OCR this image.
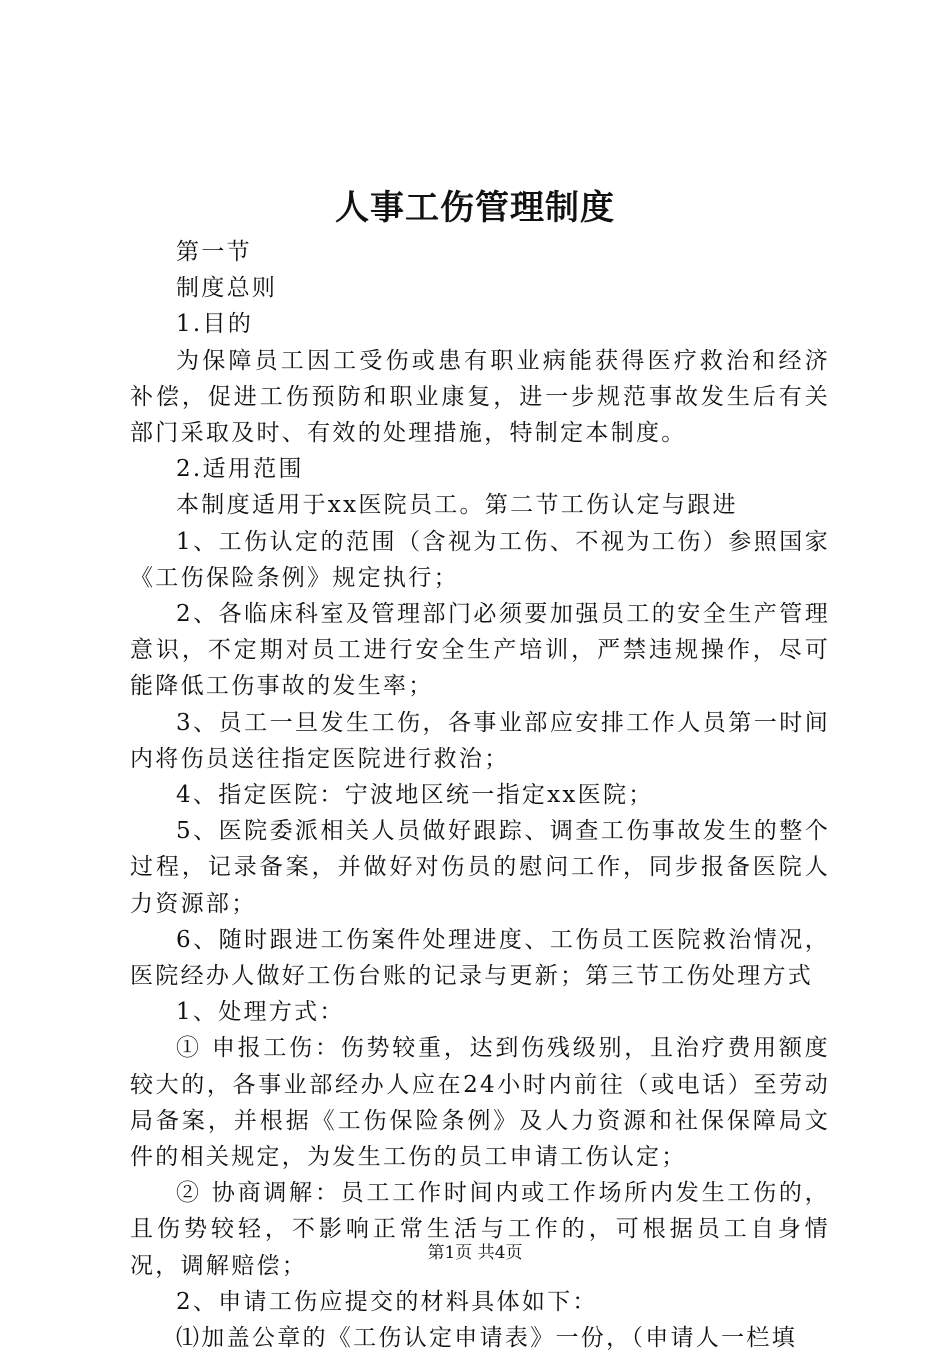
人事工伤管理制度

第一节

制度总则

1.目的

为保障员工因工受伤或患有职业病能获得医疗救治和经济补偿，促进工伤预防和职业康复，进一步规范事故发生后有关部门采取及时、有效的处理措施，特制定本制度。

2.适用范围

本制度适用于xx医院员工。第二节工伤认定与跟进

1、工伤认定的范围（含视为工伤、不视为工伤）参照国家《工伤保险条例》规定执行；

2、各临床科室及管理部门必须要加强员工的安全生产管理意识，不定期对员工进行安全生产培训，严禁违规操作，尽可能降低工伤事故的发生率；

3、员工一旦发生工伤，各事业部应安排工作人员第一时间内将伤员送往指定医院进行救治；

4、指定医院：宁波地区统一指定xx医院；

5、医院委派相关人员做好跟踪、调查工伤事故发生的整个过程，记录备案，并做好对伤员的慰问工作，同步报备医院人力资源部；

6、随时跟进工伤案件处理进度、工伤员工医院救治情况，医院经办人做好工伤台账的记录与更新；第三节工伤处理方式

1、处理方式：

① 申报工伤：伤势较重，达到伤残级别，且治疗费用额度较大的，各事业部经办人应在24小时内前往（或电话）至劳动局备案，并根据《工伤保险条例》及人力资源和社保保障局文件的相关规定，为发生工伤的员工申请工伤认定；

② 协商调解：员工工作时间内或工作场所内发生工伤的，且伤势较轻，不影响正常生活与工作的，可根据员工自身情况，调解赔偿；

2、申请工伤应提交的材料具体如下：

⑴加盖公章的《工伤认定申请表》一份，（申请人一栏填

第1页 共4页
